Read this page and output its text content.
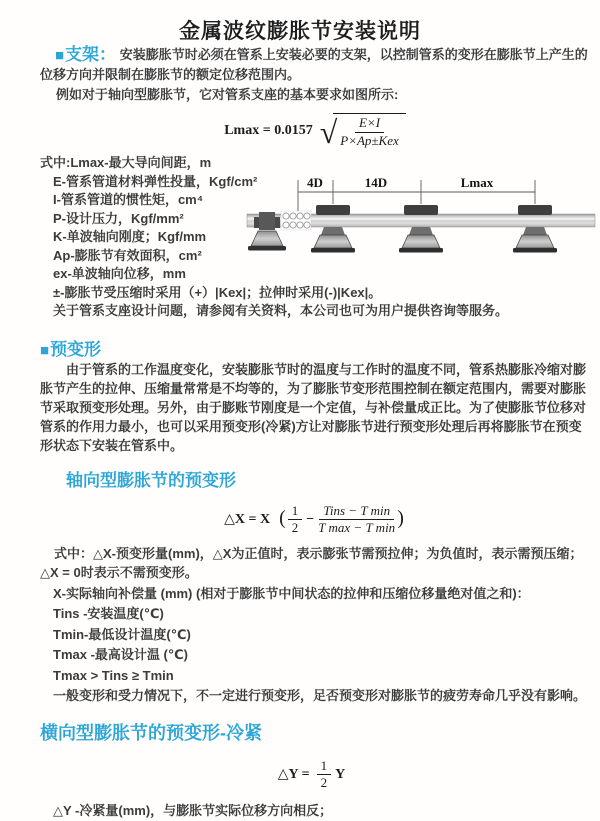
金属波纹膨胀节安装说明

■支架： 安装膨胀节时必须在管系上安装必要的支架，以控制管系的变形在膨胀节上产生的位移方向并限制在膨胀节的额定位移范围内。

例如对于轴向型膨胀节，它对管系支座的基本要求如图所示:

Lmax = 0.0157 √ $\frac{E\times I}{\text{P×Ap±Kex}}$
式中:Lmax-最大导向间距，m
E-管系管道材料弹性投量，Kgf/cm²
I-管系管道的惯性矩，cm⁴
P-设计压力，Kgf/mm²
K-单波轴向刚度；Kgf/mm
Ap-膨胀节有效面积，cm²
ex-单波轴向位移，mm
±-膨胀节受压缩时采用（+）|Kex|；拉伸时采用(-)|Kex|。
关于管系支座设计问题，请参阅有关资料，本公司也可为用户提供咨询等服务。
4D	14D	Lmax
■预变形

由于管系的工作温度变化，安装膨胀节时的温度与工作时的温度不同，管系热膨胀冷缩对膨胀节产生的拉伸、压缩量常常是不均等的，为了膨胀节变形范围控制在额定范围内，需要对膨胀节采取预变形处理。另外，由于膨账节刚度是一个定值，与补偿量成正比。为了使膨胀节位移对管系的作用力最小，也可以采用预变形(冷紧)方让对膨胀节进行预变形处理后再将膨胀节在预变形状态下安装在管系中。

轴向型膨胀节的预变形
△X = X ( $\frac{1}{2} - \frac{\text{Tins − T min}}{\text{T max − T min}}$ )

式中：△X-预变形量(mm)，△X为正值时，表示膨张节需预拉伸；为负值时，表示需预压缩；△X = 0时表示不需预变形。

X-实际轴向补偿量 (mm) (相对于膨胀节中间状态的拉伸和压缩位移量绝对值之和)：
Tins -安装温度(℃)
Tmin-最低设计温度(℃)
Tmax -最高设计温 (℃)
Tmax > Tins ≥ Tmin
一般变形和受力情况下，不一定进行预变形，足否预变形对膨胀节的疲劳寿命几乎没有影响。
横向型膨胀节的预变形-冷紧
△Y = $\frac{1}{2}$ Y
△Y -冷紧量(mm)，与膨胀节实际位移方向相反；
